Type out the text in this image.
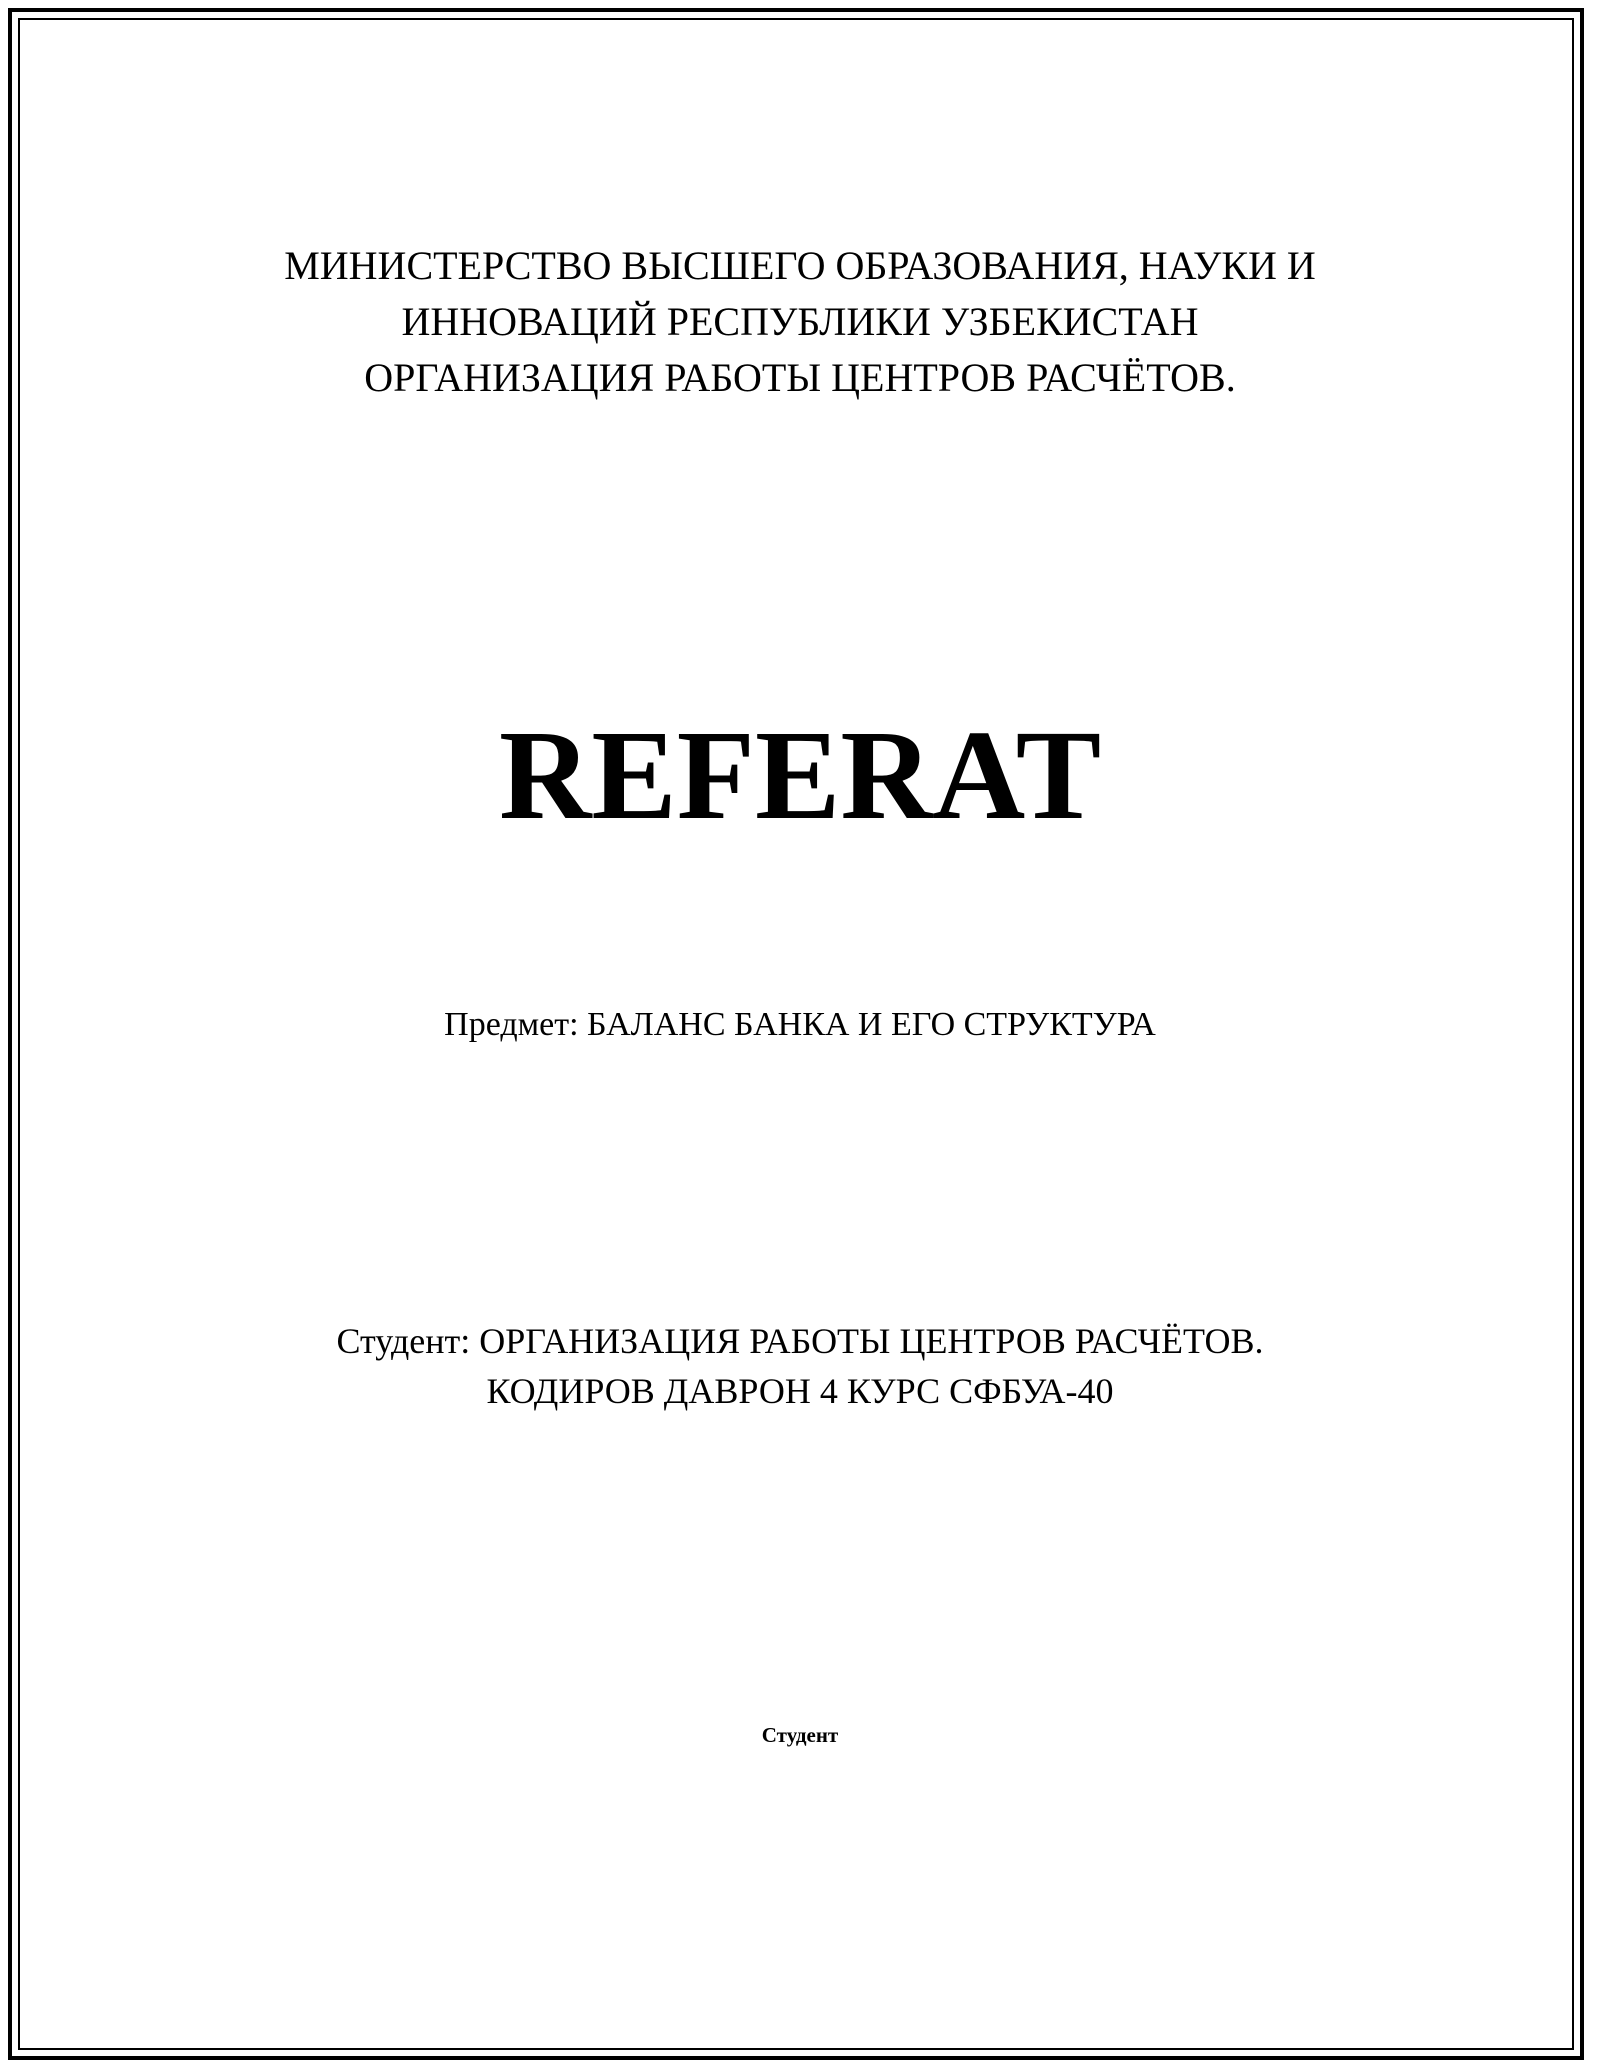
МИНИСТЕРСТВО ВЫСШЕГО ОБРАЗОВАНИЯ, НАУКИ И
ИННОВАЦИЙ РЕСПУБЛИКИ УЗБЕКИСТАН
ОРГАНИЗАЦИЯ РАБОТЫ ЦЕНТРОВ РАСЧЁТОВ.
REFERAT
Предмет: БАЛАНС БАНКА И ЕГО СТРУКТУРА
Студент: ОРГАНИЗАЦИЯ РАБОТЫ ЦЕНТРОВ РАСЧЁТОВ.
КОДИРОВ ДАВРОН 4 КУРС СФБУА-40
Студент
